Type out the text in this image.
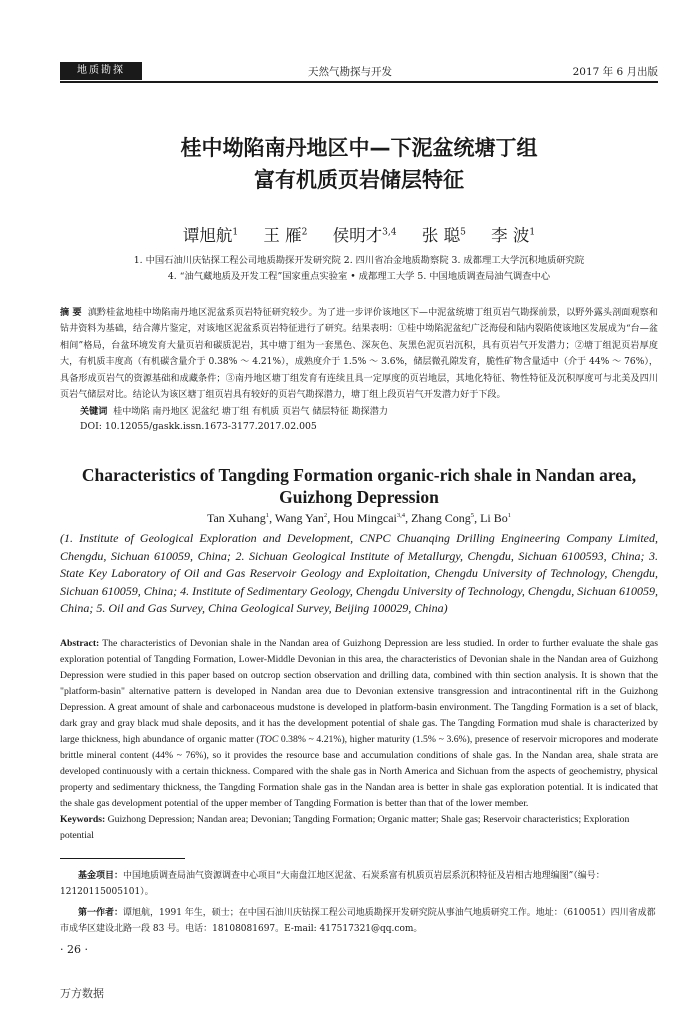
地质勘探	天然气勘探与开发	2017 年 6 月出版
桂中坳陷南丹地区中—下泥盆统塘丁组
富有机质页岩储层特征
谭旭航$^1$ 王 雁$^2$ 侯明才$^{3,4}$ 张 聪$^5$ 李 波$^1$
1. 中国石油川庆钻探工程公司地质勘探开发研究院 2. 四川省冶金地质勘察院 3. 成都理工大学沉积地质研究院
4. “油气藏地质及开发工程”国家重点实验室 • 成都理工大学 5. 中国地质调查局油气调查中心
摘 要 滇黔桂盆地桂中坳陷南丹地区泥盆系页岩特征研究较少。为了进一步评价该地区下—中泥盆统塘丁组页岩气勘探前景，以野外露头剖面观察和钻井资料为基础，结合薄片鉴定，对该地区泥盆系页岩特征进行了研究。结果表明：①桂中坳陷泥盆纪广泛海侵和陆内裂陷使该地区发展成为“台—盆相间”格局，台盆环境发育大量页岩和碳质泥岩，其中塘丁组为一套黑色、深灰色、灰黑色泥页岩沉积，具有页岩气开发潜力；②塘丁组泥页岩厚度大，有机质丰度高（有机碳含量介于 0.38% ～ 4.21%），成熟度介于 1.5% ～ 3.6%，储层微孔隙发育，脆性矿物含量适中（介于 44% ～ 76%），具备形成页岩气的资源基础和成藏条件；③南丹地区塘丁组发育有连续且具一定厚度的页岩地层，其地化特征、物性特征及沉积厚度可与北美及四川页岩气储层对比。结论认为该区塘丁组页岩具有较好的页岩气勘探潜力，塘丁组上段页岩气开发潜力好于下段。
关键词 桂中坳陷 南丹地区 泥盆纪 塘丁组 有机质 页岩气 储层特征 勘探潜力
DOI: 10.12055/gaskk.issn.1673-3177.2017.02.005
Characteristics of Tangding Formation organic-rich shale in Nandan area,
Guizhong Depression
Tan Xuhang$^1$, Wang Yan$^2$, Hou Mingcai$^{3,4}$, Zhang Cong$^5$, Li Bo$^1$
(1. Institute of Geological Exploration and Development, CNPC Chuanqing Drilling Engineering Company Limited, Chengdu, Sichuan 610059, China; 2. Sichuan Geological Institute of Metallurgy, Chengdu, Sichuan 6100593, China; 3. State Key Laboratory of Oil and Gas Reservoir Geology and Exploitation, Chengdu University of Technology, Chengdu, Sichuan 610059, China; 4. Institute of Sedimentary Geology, Chengdu University of Technology, Chengdu, Sichuan 610059, China; 5. Oil and Gas Survey, China Geological Survey, Beijing 100029, China)
Abstract: The characteristics of Devonian shale in the Nandan area of Guizhong Depression are less studied. In order to further evaluate the shale gas exploration potential of Tangding Formation, Lower-Middle Devonian in this area, the characteristics of Devonian shale in the Nandan area of Guizhong Depression were studied in this paper based on outcrop section observation and drilling data, combined with thin section analysis. It is shown that the "platform-basin" alternative pattern is developed in Nandan area due to Devonian extensive transgression and intracontinental rift in the Guizhong Depression. A great amount of shale and carbonaceous mudstone is developed in platform-basin environment. The Tangding Formation is a set of black, dark gray and gray black mud shale deposits, and it has the development potential of shale gas. The Tangding Formation mud shale is characterized by large thickness, high abundance of organic matter (TOC 0.38% ~ 4.21%), higher maturity (1.5% ~ 3.6%), presence of reservoir micropores and moderate brittle mineral content (44% ~ 76%), so it provides the resource base and accumulation conditions of shale gas. In the Nandan area, shale strata are developed continuously with a certain thickness. Compared with the shale gas in North America and Sichuan from the aspects of geochemistry, physical property and sedimentary thickness, the Tangding Formation shale gas in the Nandan area is better in shale gas exploration potential. It is indicated that the shale gas development potential of the upper member of Tangding Formation is better than that of the lower member.
Keywords: Guizhong Depression; Nandan area; Devonian; Tangding Formation; Organic matter; Shale gas; Reservoir characteristics; Exploration potential
基金项目：中国地质调查局油气资源调查中心项目“大南盘江地区泥盆、石炭系富有机质页岩层系沉积特征及岩相古地理编图”（编号：12120115005101）。
第一作者：谭旭航，1991 年生，硕士；在中国石油川庆钻探工程公司地质勘探开发研究院从事油气地质研究工作。地址：（610051）四川省成都市成华区建设北路一段 83 号。电话：18108081697。E-mail: 417517321@qq.com。
· 26 ·
万方数据
